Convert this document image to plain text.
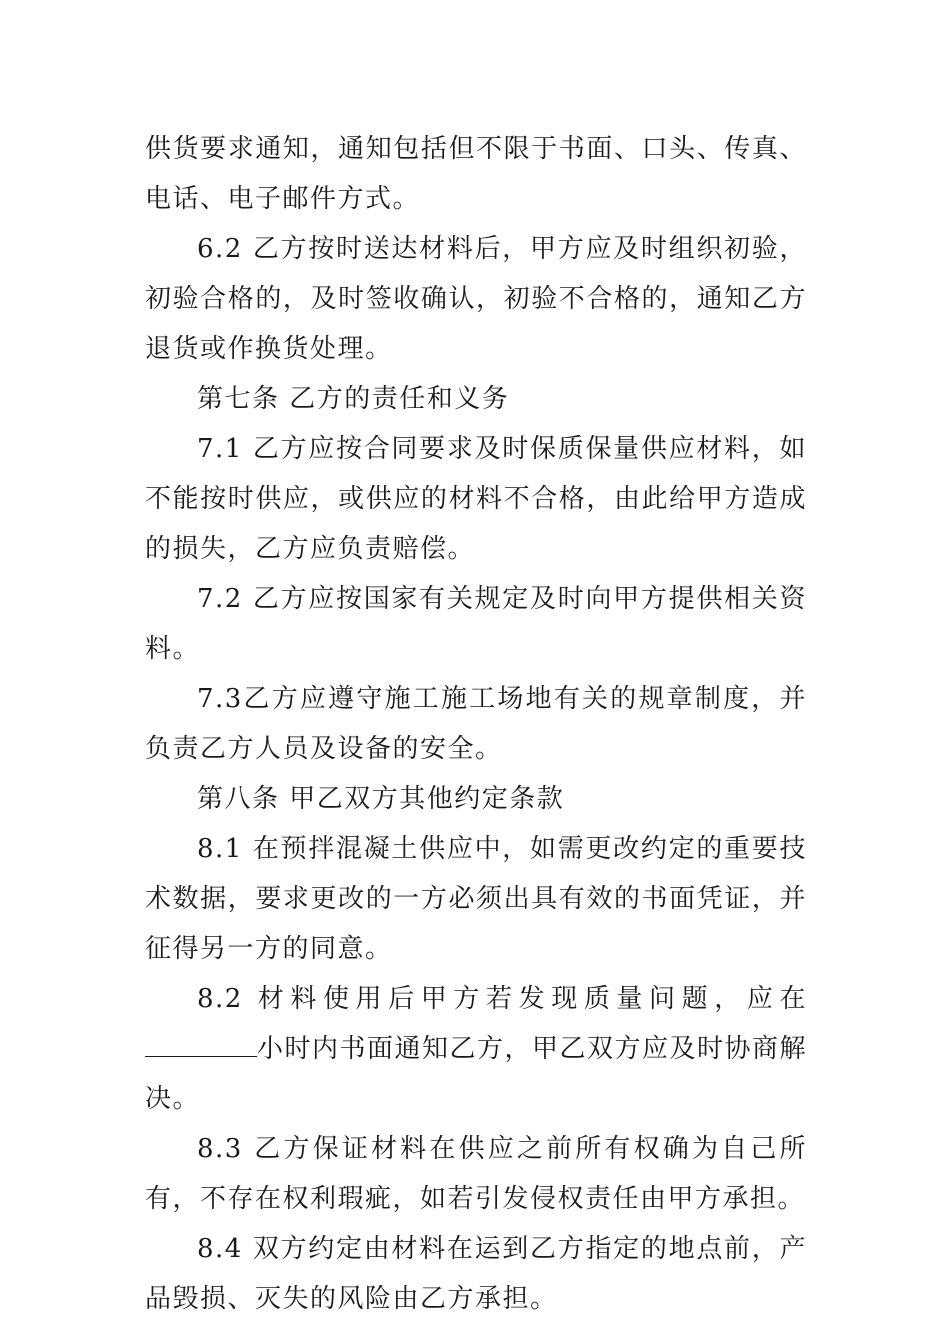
供货要求通知，通知包括但不限于书面、口头、传真、电话、电子邮件方式。

6.2 乙方按时送达材料后，甲方应及时组织初验，初验合格的，及时签收确认，初验不合格的，通知乙方退货或作换货处理。

第七条 乙方的责任和义务

7.1 乙方应按合同要求及时保质保量供应材料，如不能按时供应，或供应的材料不合格，由此给甲方造成的损失，乙方应负责赔偿。

7.2 乙方应按国家有关规定及时向甲方提供相关资料。

7.3乙方应遵守施工施工场地有关的规章制度，并负责乙方人员及设备的安全。

第八条 甲乙双方其他约定条款

8.1 在预拌混凝土供应中，如需更改约定的重要技术数据，要求更改的一方必须出具有效的书面凭证，并征得另一方的同意。

8.2 材料使用后甲方若发现质量问题，应在小时内书面通知乙方，甲乙双方应及时协商解决。

8.3 乙方保证材料在供应之前所有权确为自己所有，不存在权利瑕疵，如若引发侵权责任由甲方承担。

8.4 双方约定由材料在运到乙方指定的地点前，产品毁损、灭失的风险由乙方承担。
